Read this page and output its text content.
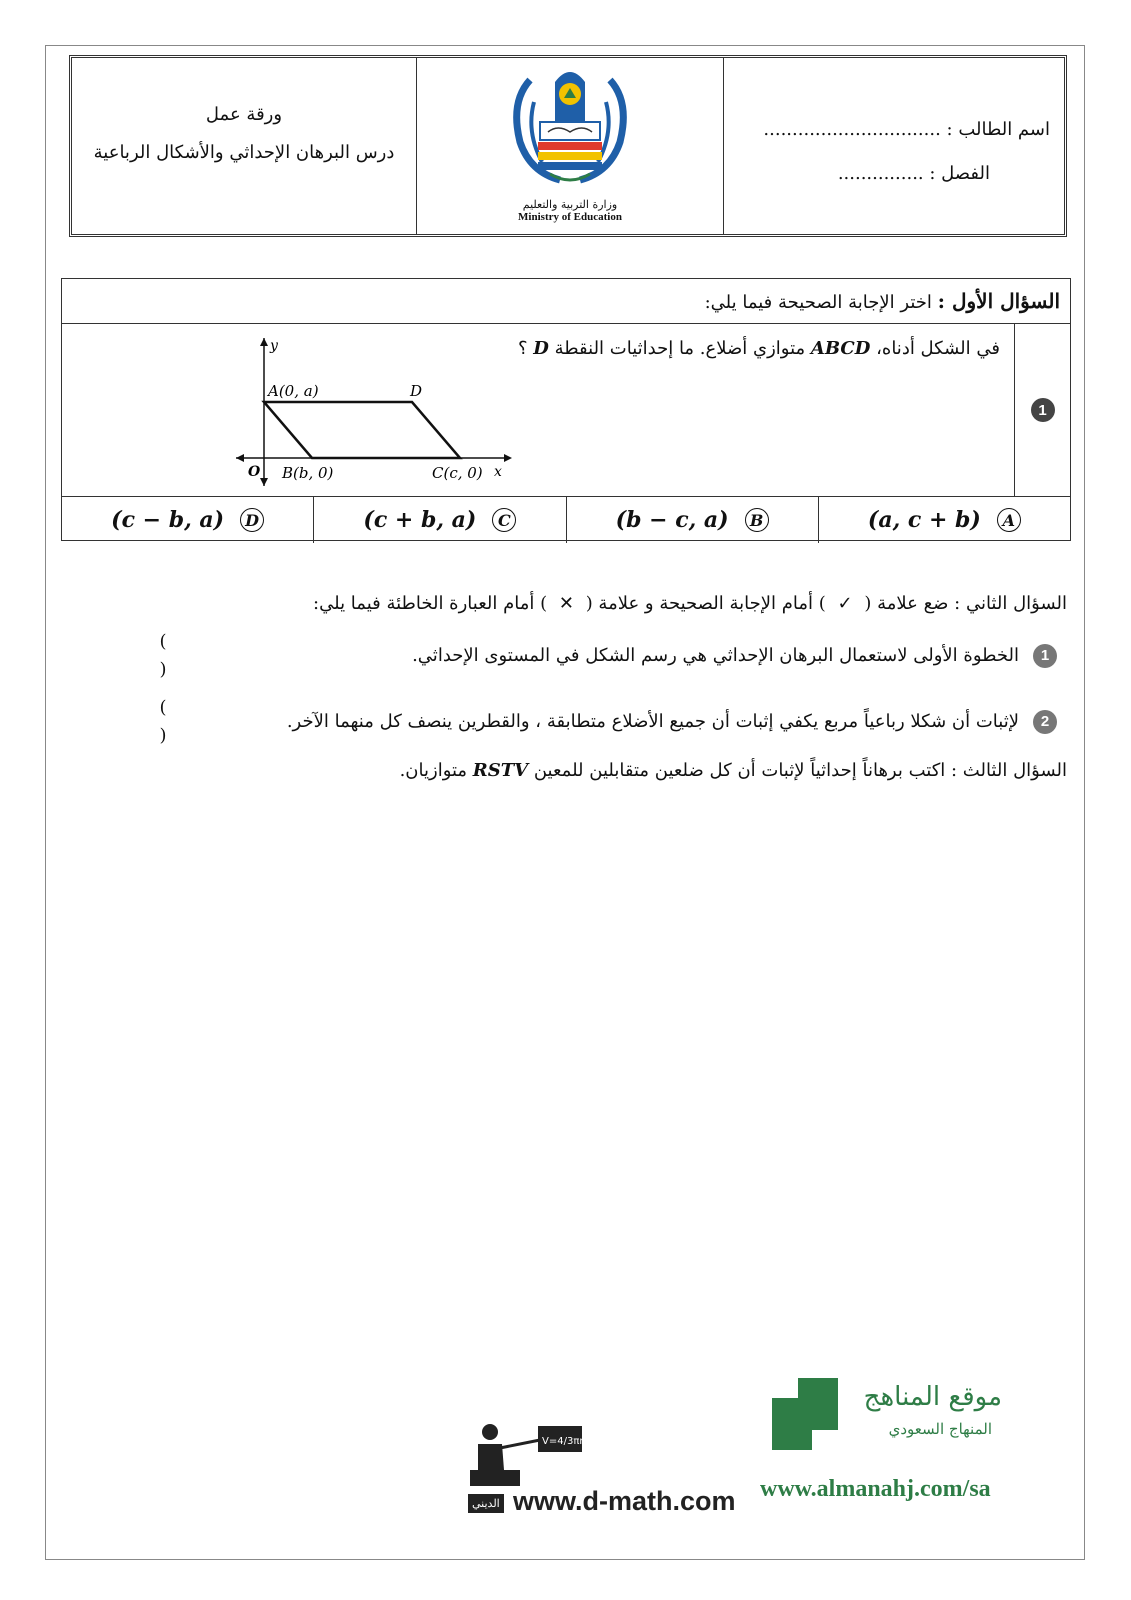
ورقة عمل
درس البرهان الإحداثي والأشكال الرباعية
وزارة التربية والتعليم
Ministry of Education
اسم الطالب : ...............................
الفصل : ...............
السؤال الأول : اختر الإجابة الصحيحة فيما يلي:
1
في الشكل أدناه، ABCD متوازي أضلاع. ما إحداثيات النقطة D ؟
y
x
O
A(0, a)	D
B(b, 0)	C(c, 0)
(a, c + b)	A
(b − c, a)	B
(c + b, a)	C
(c − b, a)	D
السؤال الثاني : ضع علامة ( ✓ ) أمام الإجابة الصحيحة و علامة ( ✕ ) أمام العبارة الخاطئة فيما يلي:
1
الخطوة الأولى لاستعمال البرهان الإحداثي هي رسم الشكل في المستوى الإحداثي.
( )
2
لإثبات أن شكلا رباعياً مربع يكفي إثبات أن جميع الأضلاع متطابقة ، والقطرين ينصف كل منهما الآخر.
( )
السؤال الثالث : اكتب برهاناً إحداثياً لإثبات أن كل ضلعين متقابلين للمعين RSTV متوازيان.
V=4/3πr³
الديني www.d-math.com
موقع المناهج
المنهاج السعودي
www.almanahj.com/sa
